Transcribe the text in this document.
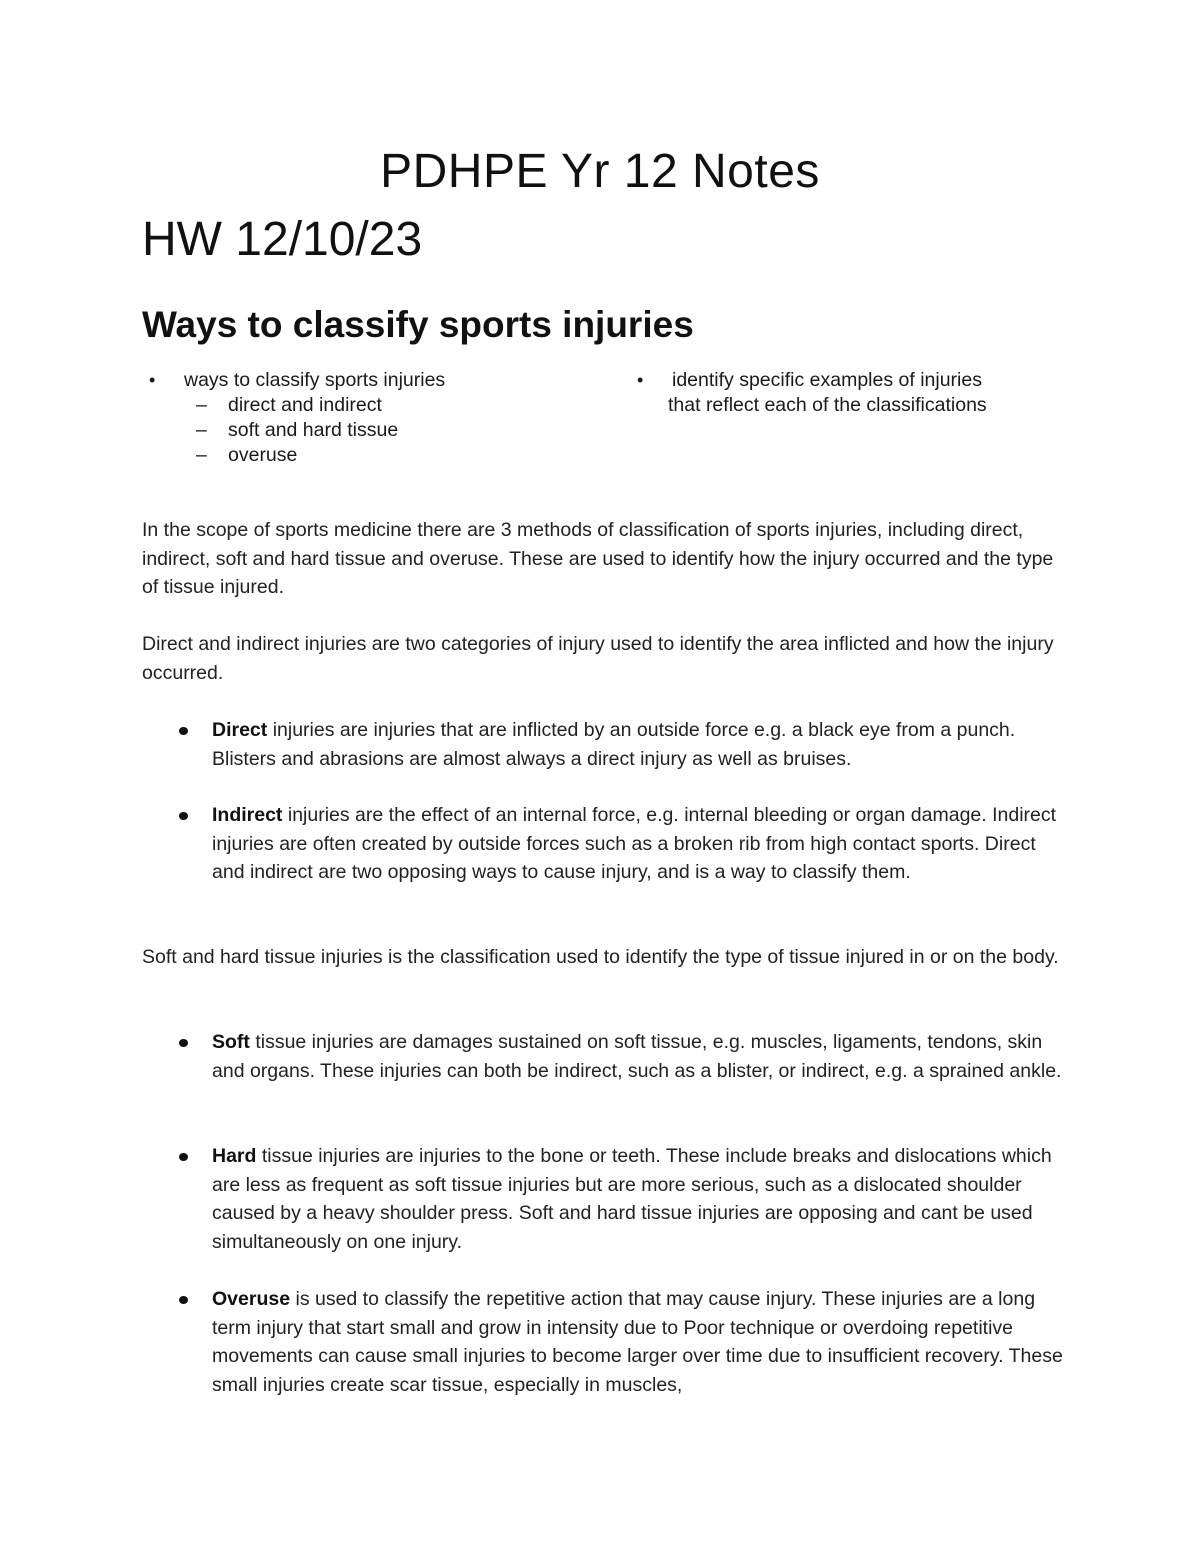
PDHPE Yr 12 Notes
HW 12/10/23
Ways to classify sports injuries
• ways to classify sports injuries
– direct and indirect
– soft and hard tissue
– overuse
• identify specific examples of injuries
that reflect each of the classifications

In the scope of sports medicine there are 3 methods of classification of sports injuries, including direct, indirect, soft and hard tissue and overuse. These are used to identify how the injury occurred and the type of tissue injured.

Direct and indirect injuries are two categories of injury used to identify the area inflicted and how the injury occurred.

Direct injuries are injuries that are inflicted by an outside force e.g. a black eye from a punch. Blisters and abrasions are almost always a direct injury as well as bruises.
Indirect injuries are the effect of an internal force, e.g. internal bleeding or organ damage. Indirect injuries are often created by outside forces such as a broken rib from high contact sports. Direct and indirect are two opposing ways to cause injury, and is a way to classify them.

Soft and hard tissue injuries is the classification used to identify the type of tissue injured in or on the body.

Soft tissue injuries are damages sustained on soft tissue, e.g. muscles, ligaments, tendons, skin and organs. These injuries can both be indirect, such as a blister, or indirect, e.g. a sprained ankle.
Hard tissue injuries are injuries to the bone or teeth. These include breaks and dislocations which are less as frequent as soft tissue injuries but are more serious, such as a dislocated shoulder caused by a heavy shoulder press. Soft and hard tissue injuries are opposing and cant be used simultaneously on one injury.
Overuse is used to classify the repetitive action that may cause injury. These injuries are a long term injury that start small and grow in intensity due to Poor technique or overdoing repetitive movements can cause small injuries to become larger over time due to insufficient recovery. These small injuries create scar tissue, especially in muscles,
